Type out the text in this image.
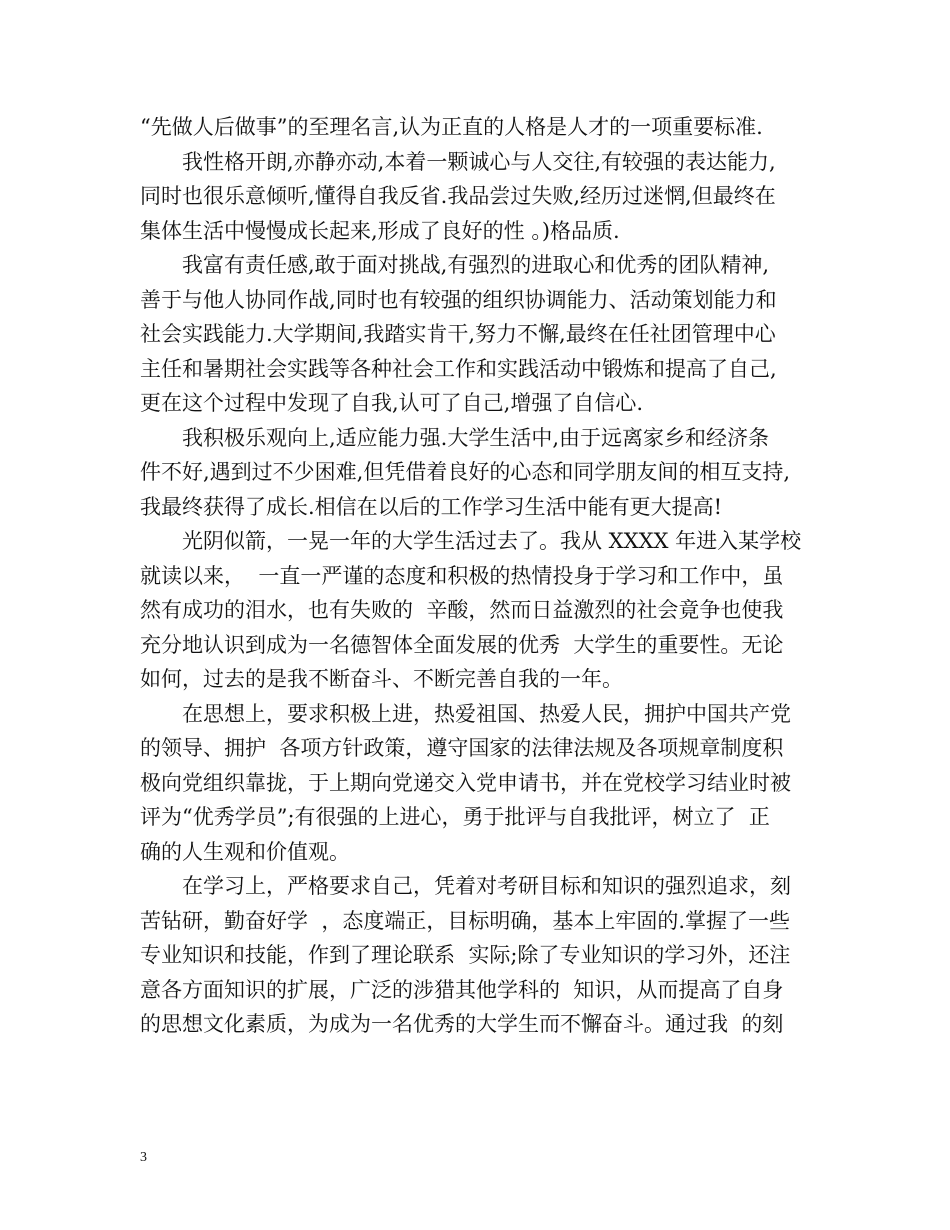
“先做人后做事”的至理名言,认为正直的人格是人才的一项重要标准.
　　我性格开朗,亦静亦动,本着一颗诚心与人交往,有较强的表达能力,
同时也很乐意倾听,懂得自我反省.我品尝过失败,经历过迷惘,但最终在
集体生活中慢慢成长起来,形成了良好的性 。)格品质.
　　我富有责任感,敢于面对挑战,有强烈的进取心和优秀的团队精神,
善于与他人协同作战,同时也有较强的组织协调能力、活动策划能力和
社会实践能力.大学期间,我踏实肯干,努力不懈,最终在任社团管理中心
主任和暑期社会实践等各种社会工作和实践活动中锻炼和提高了自己,
更在这个过程中发现了自我,认可了自己,增强了自信心.
　　我积极乐观向上,适应能力强.大学生活中,由于远离家乡和经济条
件不好,遇到过不少困难,但凭借着良好的心态和同学朋友间的相互支持,
我最终获得了成长.相信在以后的工作学习生活中能有更大提高!
　　光阴似箭，一晃一年的大学生活过去了。我从 XXXX 年进入某学校
就读以来，  一直一严谨的态度和积极的热情投身于学习和工作中，虽
然有成功的泪水，也有失败的  辛酸，然而日益激烈的社会竟争也使我
充分地认识到成为一名德智体全面发展的优秀  大学生的重要性。无论
如何，过去的是我不断奋斗、不断完善自我的一年。
　　在思想上，要求积极上进，热爱祖国、热爱人民，拥护中国共产党
的领导、拥护  各项方针政策，遵守国家的法律法规及各项规章制度积
极向党组织靠拢，于上期向党递交入党申请书，并在党校学习结业时被
评为“优秀学员”;有很强的上进心，勇于批评与自我批评，树立了  正
确的人生观和价值观。
　　在学习上，严格要求自己，凭着对考研目标和知识的强烈追求，刻
苦钻研，勤奋好学  ，态度端正，目标明确，基本上牢固的.掌握了一些
专业知识和技能，作到了理论联系  实际;除了专业知识的学习外，还注
意各方面知识的扩展，广泛的涉猎其他学科的  知识，从而提高了自身
的思想文化素质，为成为一名优秀的大学生而不懈奋斗。通过我  的刻
3
